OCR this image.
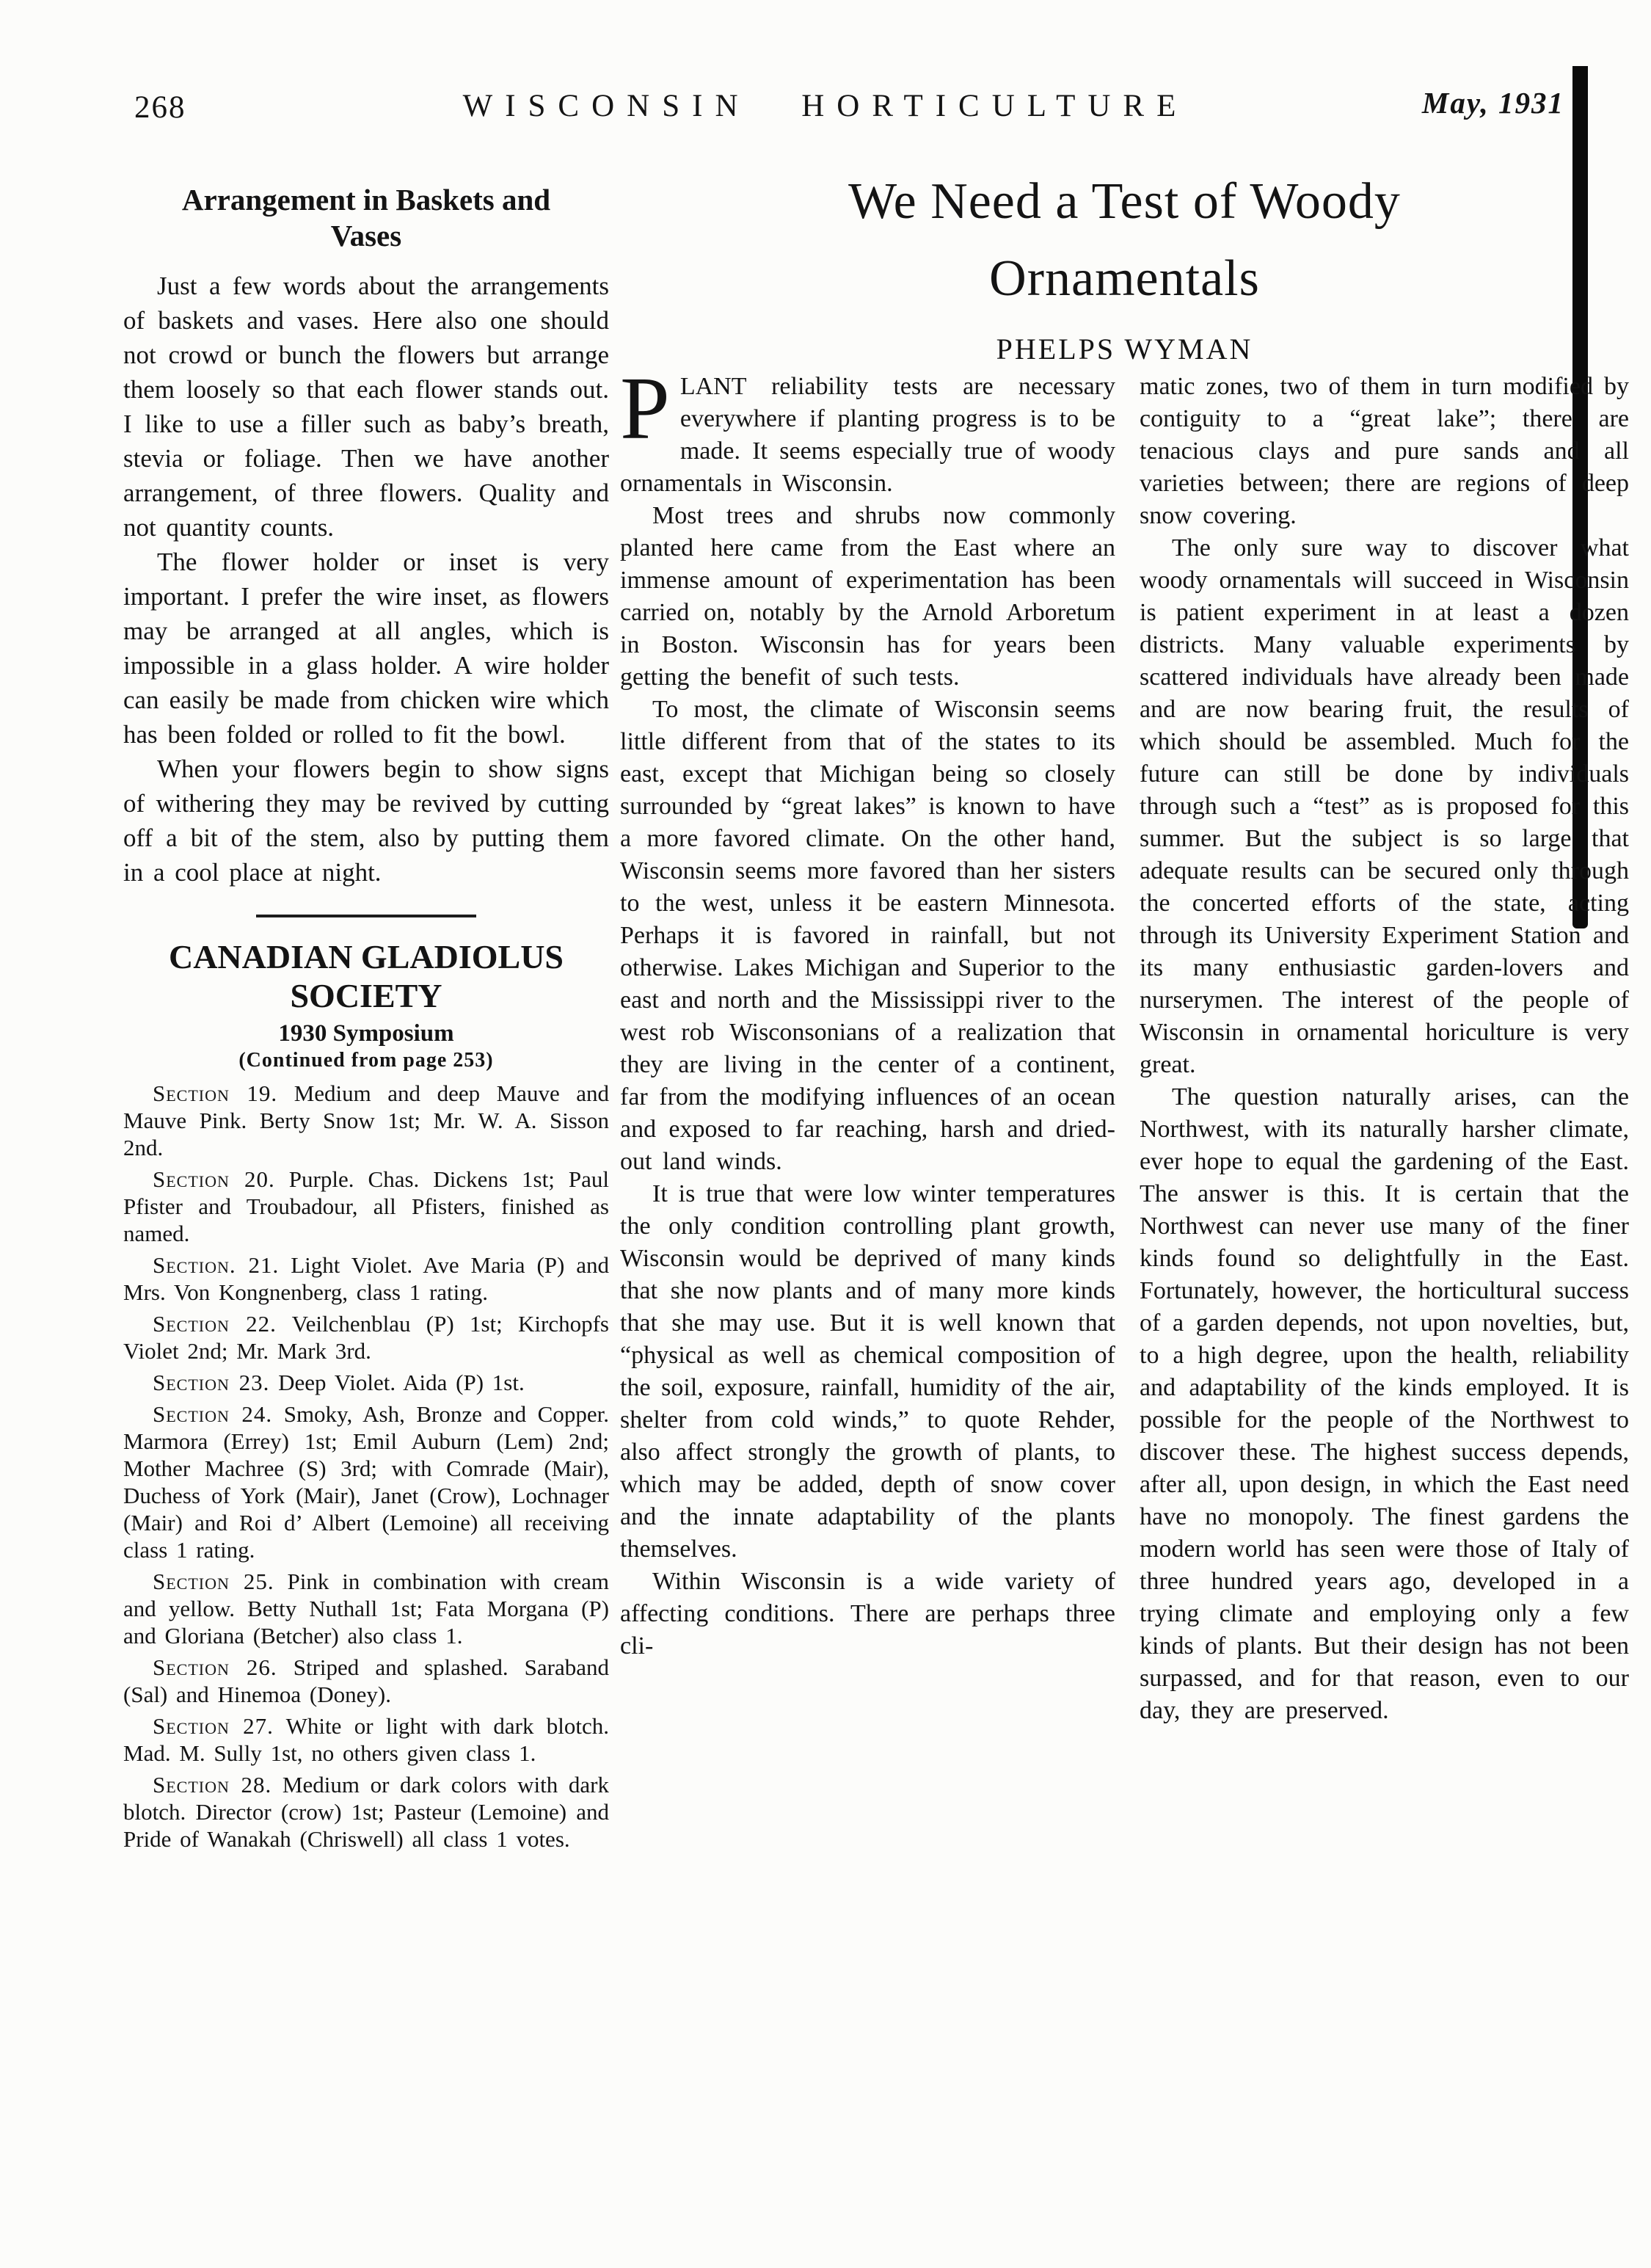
268	WISCONSIN HORTICULTURE	May, 1931
Arrangement in Baskets and Vases

Just a few words about the arrangements of baskets and vases. Here also one should not crowd or bunch the flowers but arrange them loosely so that each flower stands out. I like to use a filler such as baby’s breath, stevia or foliage. Then we have another arrangement, of three flowers. Quality and not quantity counts.

The flower holder or inset is very important. I prefer the wire inset, as flowers may be arranged at all angles, which is impossible in a glass holder. A wire holder can easily be made from chicken wire which has been folded or rolled to fit the bowl.

When your flowers begin to show signs of withering they may be revived by cutting off a bit of the stem, also by putting them in a cool place at night.

CANADIAN GLADIOLUS SOCIETY
1930 Symposium
(Continued from page 253)

Section 19. Medium and deep Mauve and Mauve Pink. Berty Snow 1st; Mr. W. A. Sisson 2nd.

Section 20. Purple. Chas. Dickens 1st; Paul Pfister and Troubadour, all Pfisters, finished as named.

Section. 21. Light Violet. Ave Maria (P) and Mrs. Von Kongnenberg, class 1 rating.

Section 22. Veilchenblau (P) 1st; Kirchopfs Violet 2nd; Mr. Mark 3rd.

Section 23. Deep Violet. Aida (P) 1st.

Section 24. Smoky, Ash, Bronze and Copper. Marmora (Errey) 1st; Emil Auburn (Lem) 2nd; Mother Machree (S) 3rd; with Comrade (Mair), Duchess of York (Mair), Janet (Crow), Lochnager (Mair) and Roi d’ Albert (Lemoine) all receiving class 1 rating.

Section 25. Pink in combination with cream and yellow. Betty Nuthall 1st; Fata Morgana (P) and Gloriana (Betcher) also class 1.

Section 26. Striped and splashed. Saraband (Sal) and Hinemoa (Doney).

Section 27. White or light with dark blotch. Mad. M. Sully 1st, no others given class 1.

Section 28. Medium or dark colors with dark blotch. Director (crow) 1st; Pasteur (Lemoine) and Pride of Wanakah (Chriswell) all class 1 votes.

We Need a Test of Woody
Ornamentals
PHELPS WYMAN

PLANT reliability tests are necessary everywhere if planting progress is to be made. It seems especially true of woody ornamentals in Wisconsin.

Most trees and shrubs now commonly planted here came from the East where an immense amount of experimentation has been carried on, notably by the Arnold Arboretum in Boston. Wisconsin has for years been getting the benefit of such tests.

To most, the climate of Wisconsin seems little different from that of the states to its east, except that Michigan being so closely surrounded by “great lakes” is known to have a more favored climate. On the other hand, Wisconsin seems more favored than her sisters to the west, unless it be eastern Minnesota. Perhaps it is favored in rainfall, but not otherwise. Lakes Michigan and Superior to the east and north and the Mississippi river to the west rob Wisconsonians of a realization that they are living in the center of a continent, far from the modifying influences of an ocean and exposed to far reaching, harsh and dried-out land winds.

It is true that were low winter temperatures the only condition controlling plant growth, Wisconsin would be deprived of many kinds that she now plants and of many more kinds that she may use. But it is well known that “physical as well as chemical composition of the soil, exposure, rainfall, humidity of the air, shelter from cold winds,” to quote Rehder, also affect strongly the growth of plants, to which may be added, depth of snow cover and the innate adaptability of the plants themselves.

Within Wisconsin is a wide variety of affecting conditions. There are perhaps three cli-

matic zones, two of them in turn modified by contiguity to a “great lake”; there are tenacious clays and pure sands and all varieties between; there are regions of deep snow covering.

The only sure way to discover what woody ornamentals will succeed in Wisconsin is patient experiment in at least a dozen districts. Many valuable experiments by scattered individuals have already been made and are now bearing fruit, the results of which should be assembled. Much for the future can still be done by individuals through such a “test” as is proposed for this summer. But the subject is so large that adequate results can be secured only through the concerted efforts of the state, acting through its University Experiment Station and its many enthusiastic garden-lovers and nurserymen. The interest of the people of Wisconsin in ornamental horiculture is very great.

The question naturally arises, can the Northwest, with its naturally harsher climate, ever hope to equal the gardening of the East. The answer is this. It is certain that the Northwest can never use many of the finer kinds found so delightfully in the East. Fortunately, however, the horticultural success of a garden depends, not upon novelties, but, to a high degree, upon the health, reliability and adaptability of the kinds employed. It is possible for the people of the Northwest to discover these. The highest success depends, after all, upon design, in which the East need have no monopoly. The finest gardens the modern world has seen were those of Italy of three hundred years ago, developed in a trying climate and employing only a few kinds of plants. But their design has not been surpassed, and for that reason, even to our day, they are preserved.
